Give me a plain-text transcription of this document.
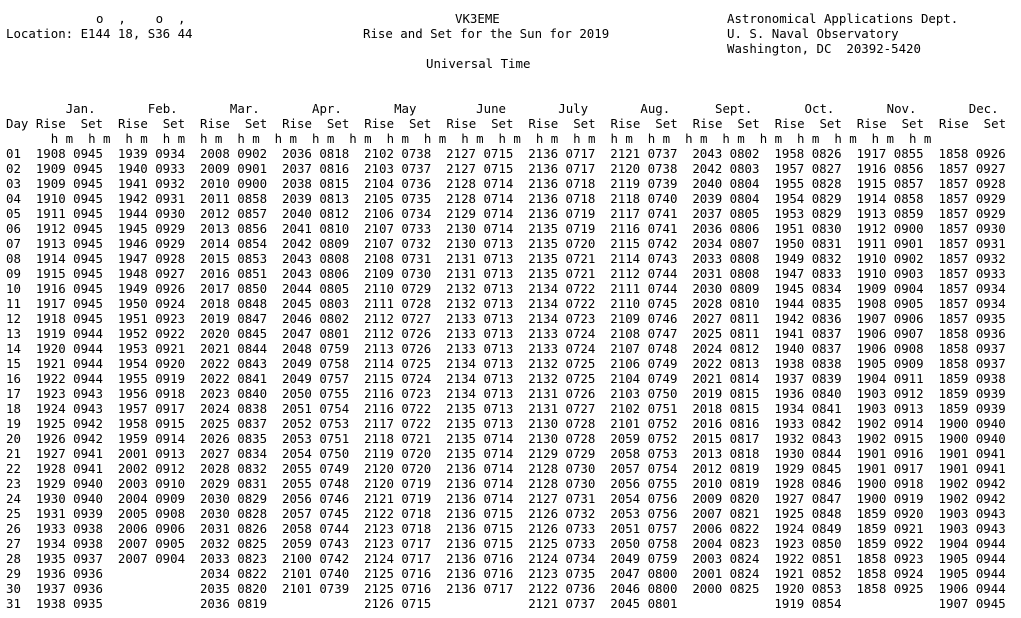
o  ,    o  ,
Location: E144 18, S36 44
VK3EME
Rise and Set for the Sun for 2019
Astronomical Applications Dept.
U. S. Naval Observatory
Washington, DC  20392-5420
Universal Time
Jan.	Feb.	Mar.	Apr.	May	June	July	Aug.	Sept.	Oct.	Nov.	Dec.
Day Rise Set Rise Set Rise Set Rise Set Rise Set Rise Set Rise Set Rise Set Rise Set Rise Set Rise Set Rise Set
h m h m h m h m h m h m h m h m h m h m h m h m h m h m h m h m h m h m h m h m h m h m h m h m
01 1908 0945 1939 0934 2008 0902 2036 0818 2102 0738 2127 0715 2136 0717 2121 0737 2043 0802 1958 0826 1917 0855 1858 0926
02 1909 0945 1940 0933 2009 0901 2037 0816 2103 0737 2127 0715 2136 0717 2120 0738 2042 0803 1957 0827 1916 0856 1857 0927
03 1909 0945 1941 0932 2010 0900 2038 0815 2104 0736 2128 0714 2136 0718 2119 0739 2040 0804 1955 0828 1915 0857 1857 0928
04 1910 0945 1942 0931 2011 0858 2039 0813 2105 0735 2128 0714 2136 0718 2118 0740 2039 0804 1954 0829 1914 0858 1857 0929
05 1911 0945 1944 0930 2012 0857 2040 0812 2106 0734 2129 0714 2136 0719 2117 0741 2037 0805 1953 0829 1913 0859 1857 0929
06 1912 0945 1945 0929 2013 0856 2041 0810 2107 0733 2130 0714 2135 0719 2116 0741 2036 0806 1951 0830 1912 0900 1857 0930
07 1913 0945 1946 0929 2014 0854 2042 0809 2107 0732 2130 0713 2135 0720 2115 0742 2034 0807 1950 0831 1911 0901 1857 0931
08 1914 0945 1947 0928 2015 0853 2043 0808 2108 0731 2131 0713 2135 0721 2114 0743 2033 0808 1949 0832 1910 0902 1857 0932
09 1915 0945 1948 0927 2016 0851 2043 0806 2109 0730 2131 0713 2135 0721 2112 0744 2031 0808 1947 0833 1910 0903 1857 0933
10 1916 0945 1949 0926 2017 0850 2044 0805 2110 0729 2132 0713 2134 0722 2111 0744 2030 0809 1945 0834 1909 0904 1857 0934
11 1917 0945 1950 0924 2018 0848 2045 0803 2111 0728 2132 0713 2134 0722 2110 0745 2028 0810 1944 0835 1908 0905 1857 0934
12 1918 0945 1951 0923 2019 0847 2046 0802 2112 0727 2133 0713 2134 0723 2109 0746 2027 0811 1942 0836 1907 0906 1857 0935
13 1919 0944 1952 0922 2020 0845 2047 0801 2112 0726 2133 0713 2133 0724 2108 0747 2025 0811 1941 0837 1906 0907 1858 0936
14 1920 0944 1953 0921 2021 0844 2048 0759 2113 0726 2133 0713 2133 0724 2107 0748 2024 0812 1940 0837 1906 0908 1858 0937
15 1921 0944 1954 0920 2022 0843 2049 0758 2114 0725 2134 0713 2132 0725 2106 0749 2022 0813 1938 0838 1905 0909 1858 0937
16 1922 0944 1955 0919 2022 0841 2049 0757 2115 0724 2134 0713 2132 0725 2104 0749 2021 0814 1937 0839 1904 0911 1859 0938
17 1923 0943 1956 0918 2023 0840 2050 0755 2116 0723 2134 0713 2131 0726 2103 0750 2019 0815 1936 0840 1903 0912 1859 0939
18 1924 0943 1957 0917 2024 0838 2051 0754 2116 0722 2135 0713 2131 0727 2102 0751 2018 0815 1934 0841 1903 0913 1859 0939
19 1925 0942 1958 0915 2025 0837 2052 0753 2117 0722 2135 0713 2130 0728 2101 0752 2016 0816 1933 0842 1902 0914 1900 0940
20 1926 0942 1959 0914 2026 0835 2053 0751 2118 0721 2135 0714 2130 0728 2059 0752 2015 0817 1932 0843 1902 0915 1900 0940
21 1927 0941 2001 0913 2027 0834 2054 0750 2119 0720 2135 0714 2129 0729 2058 0753 2013 0818 1930 0844 1901 0916 1901 0941
22 1928 0941 2002 0912 2028 0832 2055 0749 2120 0720 2136 0714 2128 0730 2057 0754 2012 0819 1929 0845 1901 0917 1901 0941
23 1929 0940 2003 0910 2029 0831 2055 0748 2120 0719 2136 0714 2128 0730 2056 0755 2010 0819 1928 0846 1900 0918 1902 0942
24 1930 0940 2004 0909 2030 0829 2056 0746 2121 0719 2136 0714 2127 0731 2054 0756 2009 0820 1927 0847 1900 0919 1902 0942
25 1931 0939 2005 0908 2030 0828 2057 0745 2122 0718 2136 0715 2126 0732 2053 0756 2007 0821 1925 0848 1859 0920 1903 0943
26 1933 0938 2006 0906 2031 0826 2058 0744 2123 0718 2136 0715 2126 0733 2051 0757 2006 0822 1924 0849 1859 0921 1903 0943
27 1934 0938 2007 0905 2032 0825 2059 0743 2123 0717 2136 0715 2125 0733 2050 0758 2004 0823 1923 0850 1859 0922 1904 0944
28 1935 0937 2007 0904 2033 0823 2100 0742 2124 0717 2136 0716 2124 0734 2049 0759 2003 0824 1922 0851 1858 0923 1905 0944
29 1936 0936	2034 0822 2101 0740 2125 0716 2136 0716 2123 0735 2047 0800 2001 0824 1921 0852 1858 0924 1905 0944
30 1937 0936	2035 0820 2101 0739 2125 0716 2136 0717 2122 0736 2046 0800 2000 0825 1920 0853 1858 0925 1906 0944
31 1938 0935	2036 0819	2126 0715	2121 0737 2045 0801	1919 0854	1907 0945
